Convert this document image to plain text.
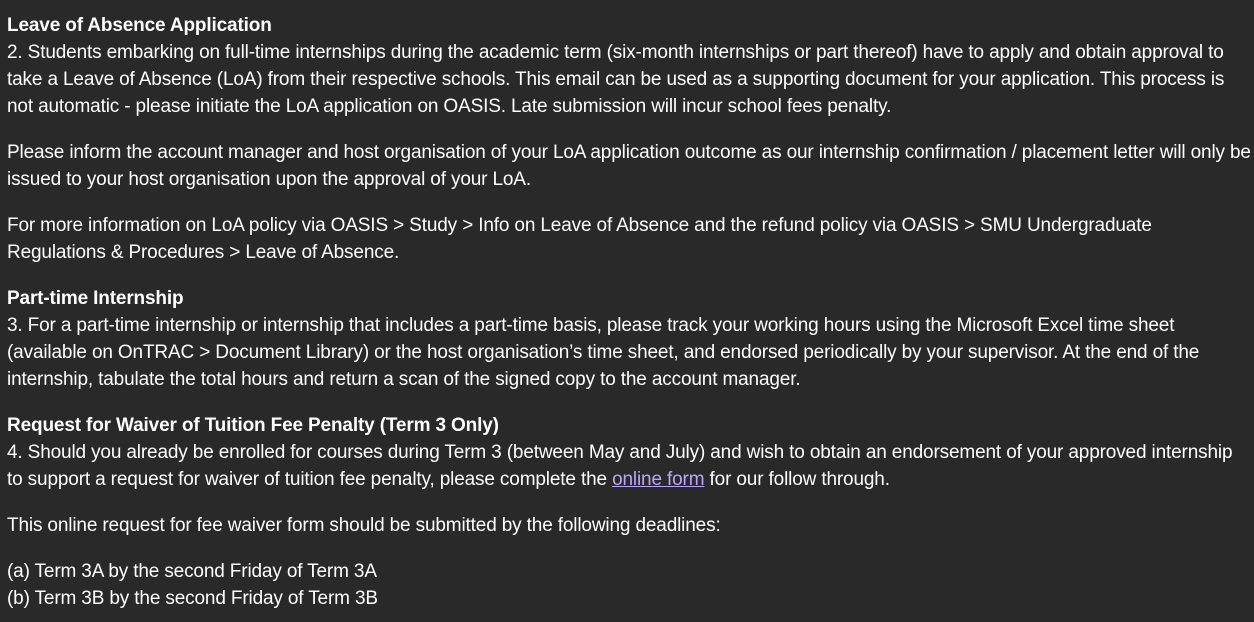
Leave of Absence Application

2. Students embarking on full-time internships during the academic term (six-month internships or part thereof) have to apply and obtain approval to take a Leave of Absence (LoA) from their respective schools. This email can be used as a supporting document for your application. This process is not automatic - please initiate the LoA application on OASIS. Late submission will incur school fees penalty.

Please inform the account manager and host organisation of your LoA application outcome as our internship confirmation / placement letter will only be issued to your host organisation upon the approval of your LoA.

For more information on LoA policy via OASIS > Study > Info on Leave of Absence and the refund policy via OASIS > SMU Undergraduate Regulations & Procedures > Leave of Absence.

Part-time Internship

3. For a part-time internship or internship that includes a part-time basis, please track your working hours using the Microsoft Excel time sheet (available on OnTRAC > Document Library) or the host organisation’s time sheet, and endorsed periodically by your supervisor. At the end of the internship, tabulate the total hours and return a scan of the signed copy to the account manager.

Request for Waiver of Tuition Fee Penalty (Term 3 Only)

4. Should you already be enrolled for courses during Term 3 (between May and July) and wish to obtain an endorsement of your approved internship to support a request for waiver of tuition fee penalty, please complete the online form for our follow through.

This online request for fee waiver form should be submitted by the following deadlines:

(a) Term 3A by the second Friday of Term 3A

(b) Term 3B by the second Friday of Term 3B
